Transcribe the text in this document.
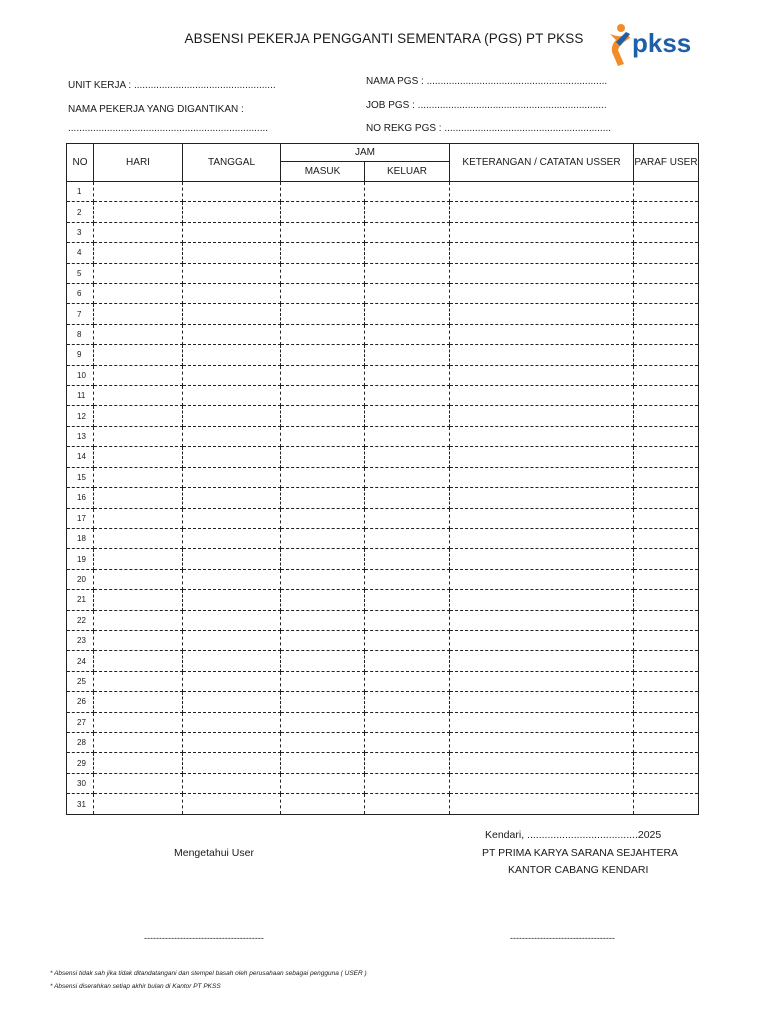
ABSENSI PEKERJA PENGGANTI SEMENTARA (PGS) PT PKSS	pkss
UNIT KERJA : ...................................................
NAMA PEKERJA YANG DIGANTIKAN :
........................................................................
NAMA PGS : .................................................................
JOB PGS : ....................................................................
NO REKG PGS : ............................................................
NO	HARI	TANGGAL	JAM		KETERANGAN / CATATAN USSER	PARAF USER
			MASUK	KELUAR		
1						
2						
3						
4						
5						
6						
7						
8						
9						
10						
11						
12						
13						
14						
15						
16						
17						
18						
19						
20						
21						
22						
23						
24						
25						
26						
27						
28						
29						
30						
31						
Kendari, ......................................2025
Mengetahui User	PT PRIMA KARYA SARANA SEJAHTERA
KANTOR CABANG KENDARI
----------------------------------------	-----------------------------------
* Absensi tidak sah jika tidak ditandatangani dan stempel basah oleh perusahaan sebagai pengguna ( USER )
* Absensi diserahkan setiap akhir bulan di Kantor PT PKSS
